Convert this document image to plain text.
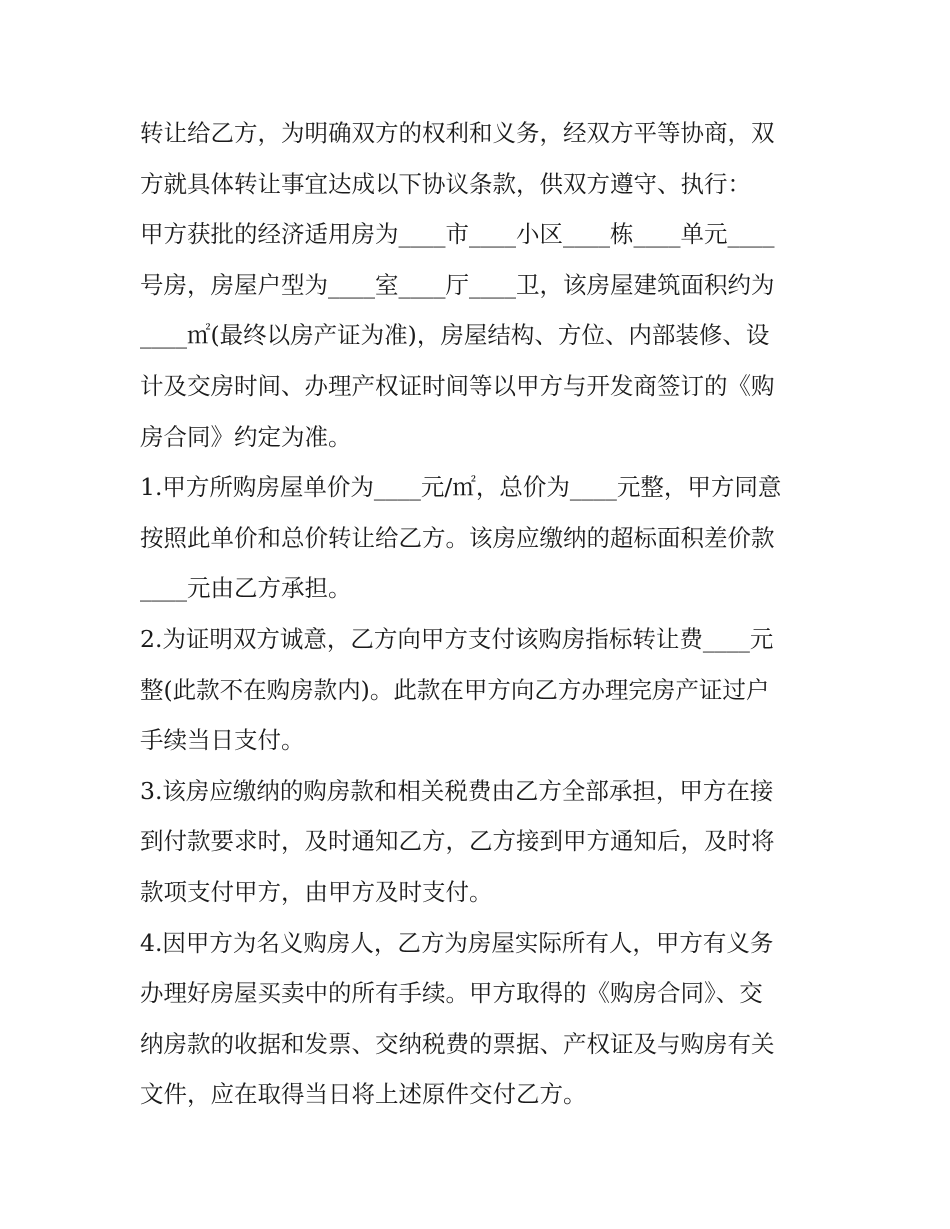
转让给乙方，为明确双方的权利和义务，经双方平等协商，双
方就具体转让事宜达成以下协议条款，供双方遵守、执行：
甲方获批的经济适用房为____市____小区____栋____单元____
号房，房屋户型为____室____厅____卫，该房屋建筑面积约为
____㎡(最终以房产证为准)，房屋结构、方位、内部装修、设
计及交房时间、办理产权证时间等以甲方与开发商签订的《购
房合同》约定为准。
1.甲方所购房屋单价为____元/㎡，总价为____元整，甲方同意
按照此单价和总价转让给乙方。该房应缴纳的超标面积差价款
____元由乙方承担。
2.为证明双方诚意，乙方向甲方支付该购房指标转让费____元
整(此款不在购房款内)。此款在甲方向乙方办理完房产证过户
手续当日支付。
3.该房应缴纳的购房款和相关税费由乙方全部承担，甲方在接
到付款要求时，及时通知乙方，乙方接到甲方通知后，及时将
款项支付甲方，由甲方及时支付。
4.因甲方为名义购房人，乙方为房屋实际所有人，甲方有义务
办理好房屋买卖中的所有手续。甲方取得的《购房合同》、交
纳房款的收据和发票、交纳税费的票据、产权证及与购房有关
文件，应在取得当日将上述原件交付乙方。
